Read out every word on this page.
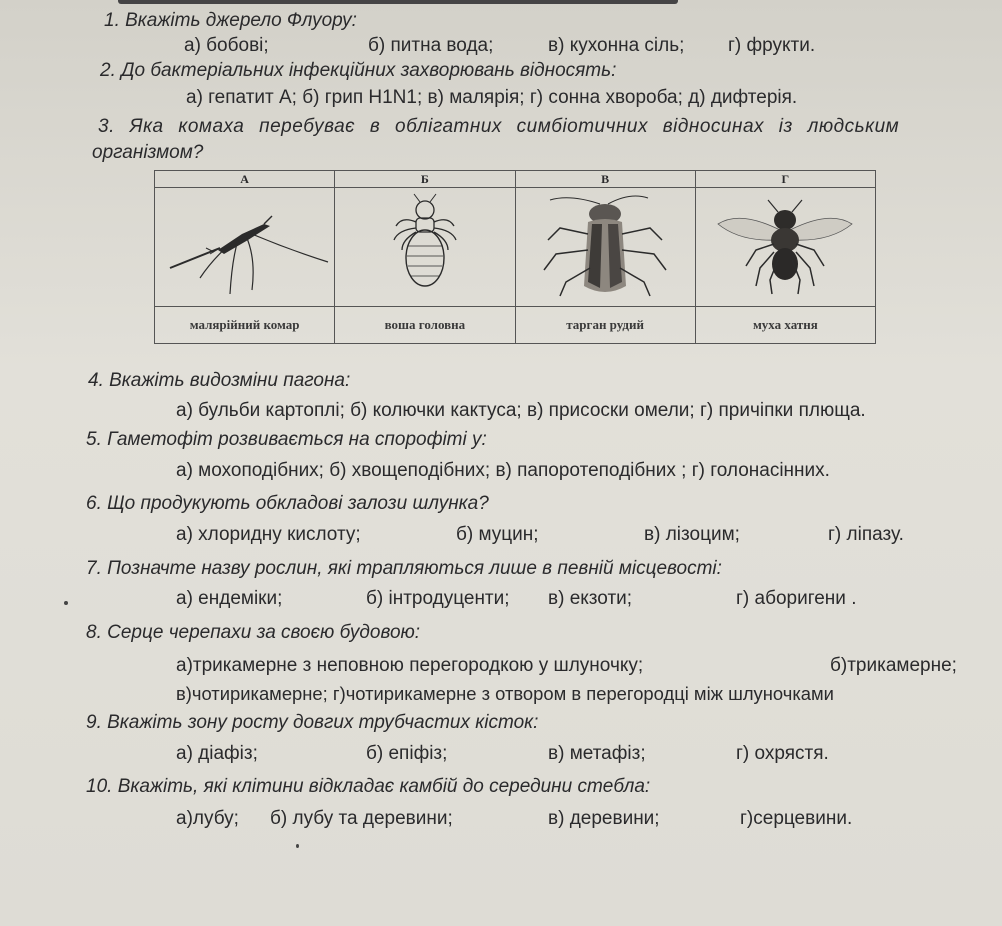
1. Вкажіть джерело Флуору:
а) бобові;	б) питна вода;	в) кухонна сіль; г) фрукти.
2. До бактеріальних інфекційних захворювань відносять:
а) гепатит А; б) грип H1N1; в) малярія; г) сонна хвороба; д) дифтерія.
3. Яка комаха перебуває в облігатних симбіотичних відносинах із людським
організмом?
А	Б	В	Г

малярійний комар	воша головна	тарган рудий	муха хатня
4. Вкажіть видозміни пагона:
а) бульби картоплі; б) колючки кактуса; в) присоски омели; г) причіпки плюща.
5. Гаметофіт розвивається на спорофіті у:
а) мохоподібних; б) хвощеподібних; в) папоротеподібних ; г) голонасінних.
6. Що продукують обкладові залози шлунка?
а) хлоридну кислоту;	б) муцин;	в) лізоцим;	г) ліпазу.
7. Позначте назву рослин, які трапляються лише в певній місцевості:
а) ендеміки;	б) інтродуценти; в) екзоти;	г) аборигени .
8. Серце черепахи за своєю будовою:
а)трикамерне з неповною перегородкою у шлуночку;	б)трикамерне;
в)чотирикамерне; г)чотирикамерне з отвором в перегородці між шлуночками
9. Вкажіть зону росту довгих трубчастих кісток:
а) діафіз;	б) епіфіз;	в) метафіз;	г) охрястя.
10. Вкажіть, які клітини відкладає камбій до середини стебла:
а)лубу; б) лубу та деревини;	в) деревини;	г)серцевини.
